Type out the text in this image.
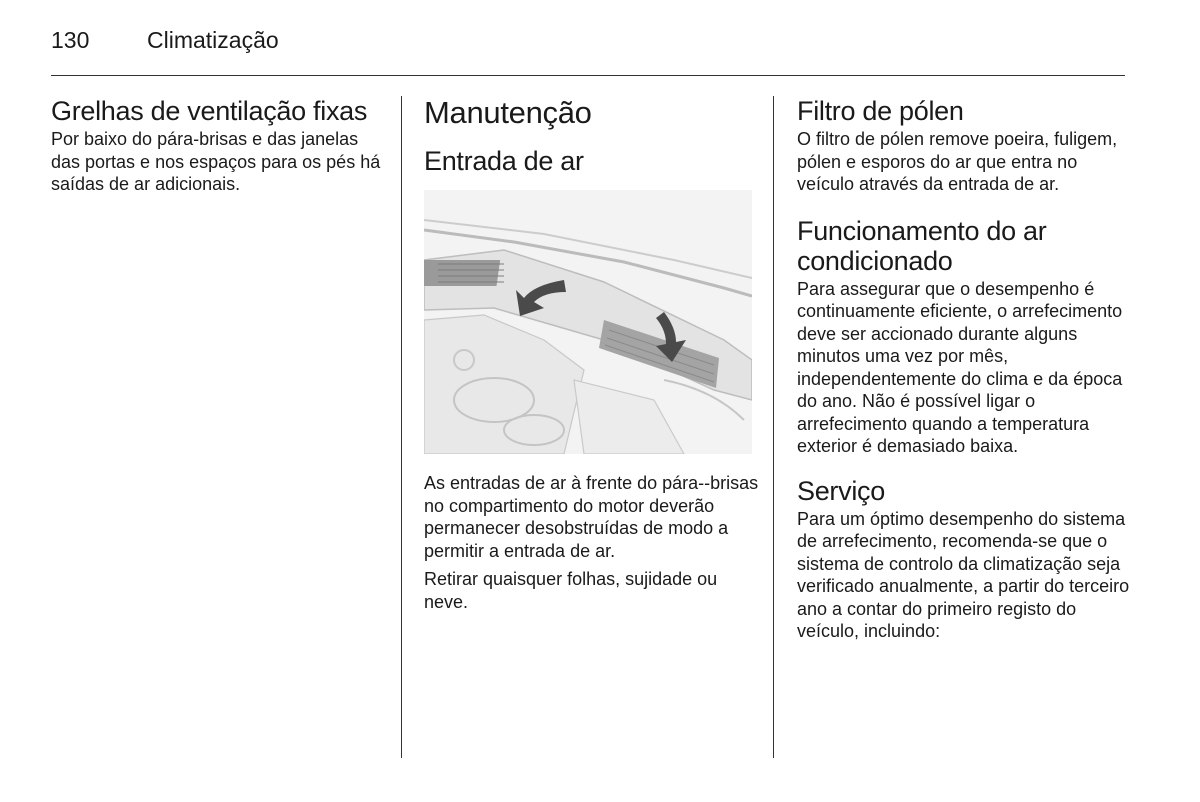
130	Climatização
Grelhas de ventilação fixas

Por baixo do pára-brisas e das janelas das portas e nos espaços para os pés há saídas de ar adicionais.

Manutenção
Entrada de ar

As entradas de ar à frente do pára--brisas no compartimento do motor deverão permanecer desobstruídas de modo a permitir a entrada de ar.

Retirar quaisquer folhas, sujidade ou neve.

Filtro de pólen

O filtro de pólen remove poeira, fuligem, pólen e esporos do ar que entra no veículo através da entrada de ar.

Funcionamento do ar condicionado

Para assegurar que o desempenho é continuamente eficiente, o arrefecimento deve ser accionado durante alguns minutos uma vez por mês, independentemente do clima e da época do ano. Não é possível ligar o arrefecimento quando a temperatura exterior é demasiado baixa.

Serviço

Para um óptimo desempenho do sistema de arrefecimento, recomenda-se que o sistema de controlo da climatização seja verificado anualmente, a partir do terceiro ano a contar do primeiro registo do veículo, incluindo:
